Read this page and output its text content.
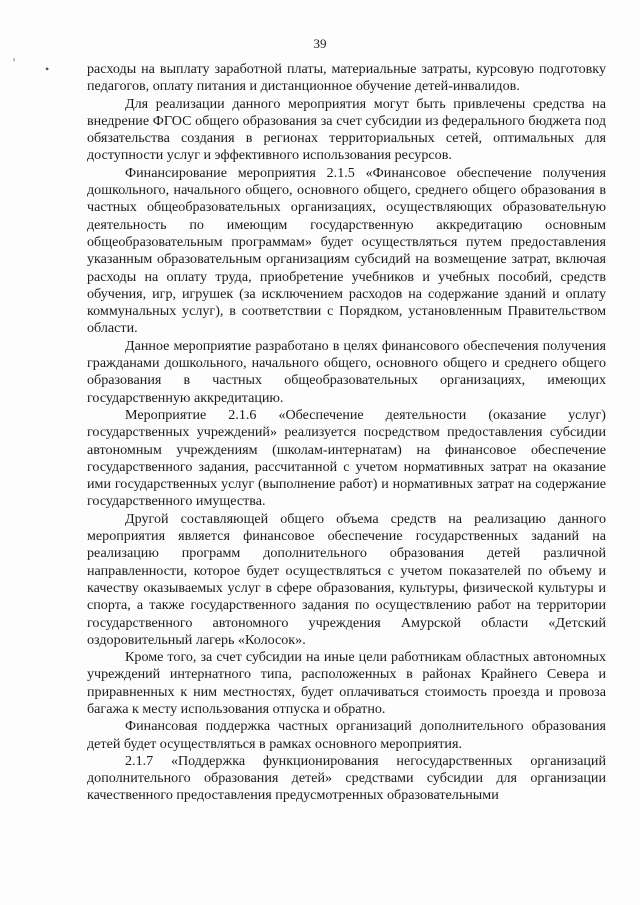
39
' •	расходы на выплату заработной платы, материальные затраты, курсовую подготовку педагогов, оплату питания и дистанционное обучение детей-инвалидов.

Для реализации данного мероприятия могут быть привлечены средства на внедрение ФГОС общего образования за счет субсидии из федерального бюджета под обязательства создания в регионах территориальных сетей, оптимальных для доступности услуг и эффективного использования ресурсов.

Финансирование мероприятия 2.1.5 «Финансовое обеспечение получения дошкольного, начального общего, основного общего, среднего общего образования в частных общеобразовательных организациях, осуществляющих образовательную деятельность по имеющим государственную аккредитацию основным общеобразовательным программам» будет осуществляться путем предоставления указанным образовательным организациям субсидий на возмещение затрат, включая расходы на оплату труда, приобретение учебников и учебных пособий, средств обучения, игр, игрушек (за исключением расходов на содержание зданий и оплату коммунальных услуг), в соответствии с Порядком, установленным Правительством области.

Данное мероприятие разработано в целях финансового обеспечения получения гражданами дошкольного, начального общего, основного общего и среднего общего образования в частных общеобразовательных организациях, имеющих государственную аккредитацию.

Мероприятие 2.1.6 «Обеспечение деятельности (оказание услуг) государственных учреждений» реализуется посредством предоставления субсидии автономным учреждениям (школам-интернатам) на финансовое обеспечение государственного задания, рассчитанной с учетом нормативных затрат на оказание ими государственных услуг (выполнение работ) и нормативных затрат на содержание государственного имущества.

Другой составляющей общего объема средств на реализацию данного мероприятия является финансовое обеспечение государственных заданий на реализацию программ дополнительного образования детей различной направленности, которое будет осуществляться с учетом показателей по объему и качеству оказываемых услуг в сфере образования, культуры, физической культуры и спорта, а также государственного задания по осуществлению работ на территории государственного автономного учреждения Амурской области «Детский оздоровительный лагерь «Колосок».

Кроме того, за счет субсидии на иные цели работникам областных автономных учреждений интернатного типа, расположенных в районах Крайнего Севера и приравненных к ним местностях, будет оплачиваться стоимость проезда и провоза багажа к месту использования отпуска и обратно.

Финансовая поддержка частных организаций дополнительного образования детей будет осуществляться в рамках основного мероприятия.

2.1.7 «Поддержка функционирования негосударственных организаций дополнительного образования детей» средствами субсидии для организации качественного предоставления предусмотренных образовательными
